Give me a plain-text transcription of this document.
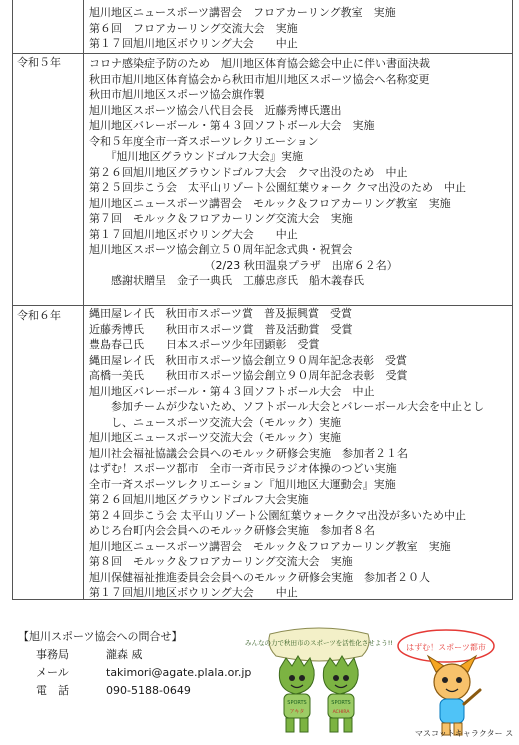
旭川地区ニュースポーツ講習会　フロアカーリング教室　実施
第６回　フロアカーリング交流大会　実施
第１７回旭川地区ボウリング大会　　中止
令和５年	コロナ感染症予防のため　旭川地区体育協会総会中止に伴い書面決裁
秋田市旭川地区体育協会から秋田市旭川地区スポーツ協会へ名称変更
秋田市旭川地区スポーツ協会旗作製
旭川地区スポーツ協会八代目会長　近藤秀博氏選出
旭川地区バレーボール・第４３回ソフトボール大会　実施
令和５年度全市一斉スポーツレクリエーション
　　『旭川地区グラウンドゴルフ大会』実施
第２６回旭川地区グラウンドゴルフ大会　クマ出没のため　中止
第２５回歩こう会　太平山リゾート公園紅葉ウォーク クマ出没のため　中止
旭川地区ニュースポーツ講習会　モルック＆フロアカーリング教室　実施
第７回　モルック＆フロアカーリング交流大会　実施
第１７回旭川地区ボウリング大会　　中止
旭川地区スポーツ協会創立５０周年記念式典・祝賀会
　　　　　　　　　　　（2/23 秋田温泉プラザ　出席６２名）
　　感謝状贈呈　金子一典氏　工藤忠彦氏　船木義春氏
令和６年	縄田屋レイ氏　秋田市スポーツ賞　普及振興賞　受賞
近藤秀博氏　　秋田市スポーツ賞　普及活動賞　受賞
豊島春己氏　　日本スポーツ少年団顕彰　受賞
縄田屋レイ氏　秋田市スポーツ協会創立９０周年記念表彰　受賞
高橋一美氏　　秋田市スポーツ協会創立９０周年記念表彰　受賞
旭川地区バレーボール・第４３回ソフトボール大会　中止
　　参加チームが少ないため、ソフトボール大会とバレーボール大会を中止とし
　　し、ニュースポーツ交流大会（モルック）実施
旭川地区ニュースポーツ交流大会（モルック）実施
旭川社会福祉協議会会員へのモルック研修会実施　参加者２１名
はずむ！スポーツ都市　全市一斉市民ラジオ体操のつどい実施
全市一斉スポーツレクリエーション『旭川地区大運動会』実施
第２６回旭川地区グラウンドゴルフ大会実施
第２４回歩こう会 太平山リゾート公園紅葉ウォーククマ出没が多いため中止
めじろ台町内会会員へのモルック研修会実施　参加者８名
旭川地区ニュースポーツ講習会　モルック＆フロアカーリング教室　実施
第８回　モルック＆フロアカーリング交流大会　実施
旭川保健福祉推進委員会会員へのモルック研修会実施　参加者２０人
第１７回旭川地区ボウリング大会　　中止
【旭川スポーツ協会への問合せ】
事務局	瀧森 威
メール	takimori@agate.plala.or.jp
電　話	090-5188-0649
みんなの力で秋田市のスポーツを活性化させよう!!
SPORTS
アキタ
SPORTS
ACHIRA
はずむ！スポーツ都市
マスコットキャラクター ス
